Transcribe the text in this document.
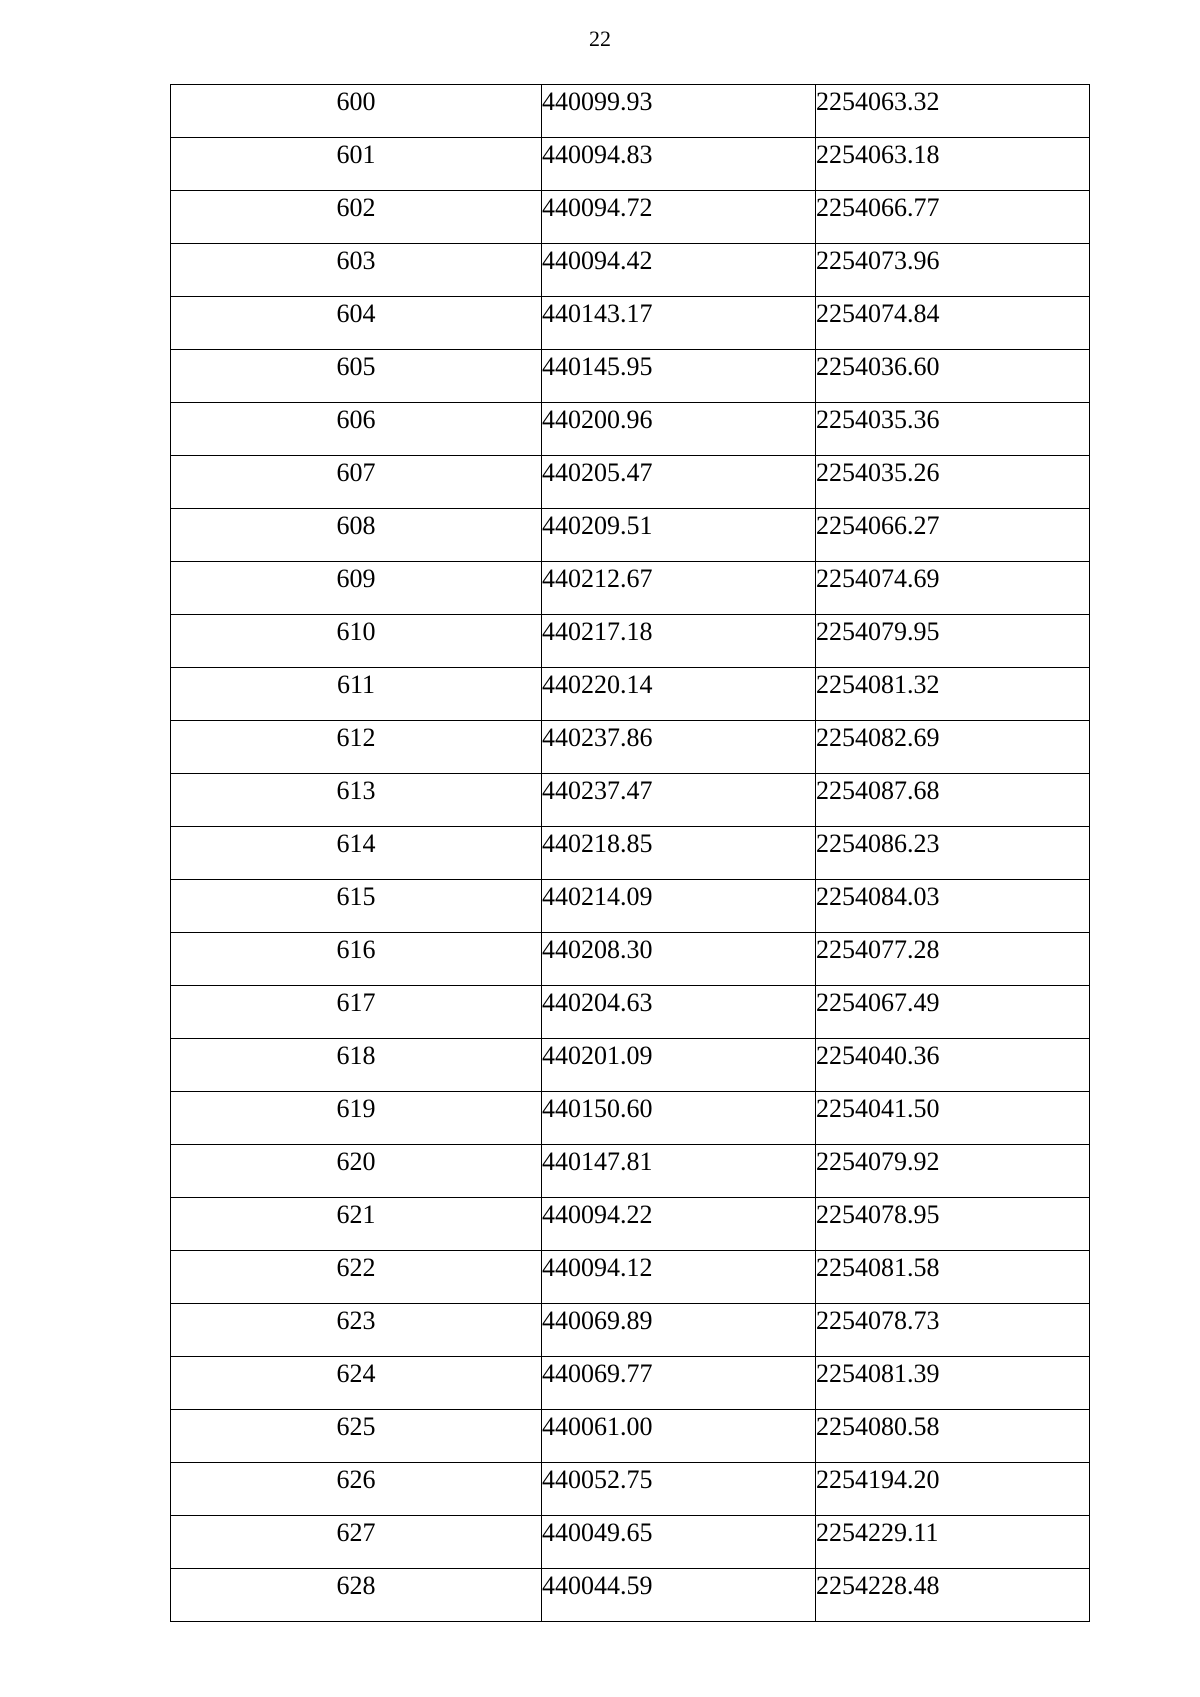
22
600	440099.93	2254063.32
601	440094.83	2254063.18
602	440094.72	2254066.77
603	440094.42	2254073.96
604	440143.17	2254074.84
605	440145.95	2254036.60
606	440200.96	2254035.36
607	440205.47	2254035.26
608	440209.51	2254066.27
609	440212.67	2254074.69
610	440217.18	2254079.95
611	440220.14	2254081.32
612	440237.86	2254082.69
613	440237.47	2254087.68
614	440218.85	2254086.23
615	440214.09	2254084.03
616	440208.30	2254077.28
617	440204.63	2254067.49
618	440201.09	2254040.36
619	440150.60	2254041.50
620	440147.81	2254079.92
621	440094.22	2254078.95
622	440094.12	2254081.58
623	440069.89	2254078.73
624	440069.77	2254081.39
625	440061.00	2254080.58
626	440052.75	2254194.20
627	440049.65	2254229.11
628	440044.59	2254228.48
